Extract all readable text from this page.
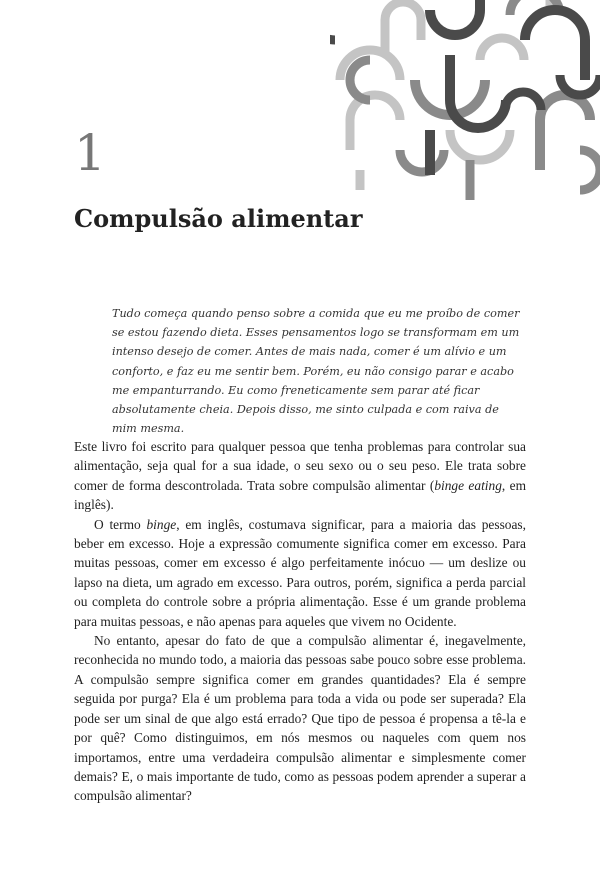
1
Compulsão alimentar

Tudo começa quando penso sobre a comida que eu me proíbo de comer se estou fazendo dieta. Esses pensamentos logo se transformam em um intenso desejo de comer. Antes de mais nada, comer é um alívio e um conforto, e faz eu me sentir bem. Porém, eu não consigo parar e acabo me empanturrando. Eu como freneticamente sem parar até ficar absolutamente cheia. Depois disso, me sinto culpada e com raiva de mim mesma.

Este livro foi escrito para qualquer pessoa que tenha problemas para controlar sua alimentação, seja qual for a sua idade, o seu sexo ou o seu peso. Ele trata sobre comer de forma descontrolada. Trata sobre compulsão alimentar (binge eating, em inglês).

O termo binge, em inglês, costumava significar, para a maioria das pessoas, beber em excesso. Hoje a expressão comumente significa comer em excesso. Para muitas pessoas, comer em excesso é algo perfeitamente inócuo — um deslize ou lapso na dieta, um agrado em excesso. Para outros, porém, significa a perda parcial ou completa do controle sobre a própria alimentação. Esse é um grande problema para muitas pessoas, e não apenas para aqueles que vivem no Ocidente.

No entanto, apesar do fato de que a compulsão alimentar é, inegavelmente, reconhecida no mundo todo, a maioria das pessoas sabe pouco sobre esse problema. A compulsão sempre significa comer em grandes quantidades? Ela é sempre seguida por purga? Ela é um problema para toda a vida ou pode ser superada? Ela pode ser um sinal de que algo está errado? Que tipo de pessoa é propensa a tê-la e por quê? Como distinguimos, em nós mesmos ou naqueles com quem nos importamos, entre uma verdadeira compulsão alimentar e simplesmente comer demais? E, o mais importante de tudo, como as pessoas podem aprender a superar a compulsão alimentar?
